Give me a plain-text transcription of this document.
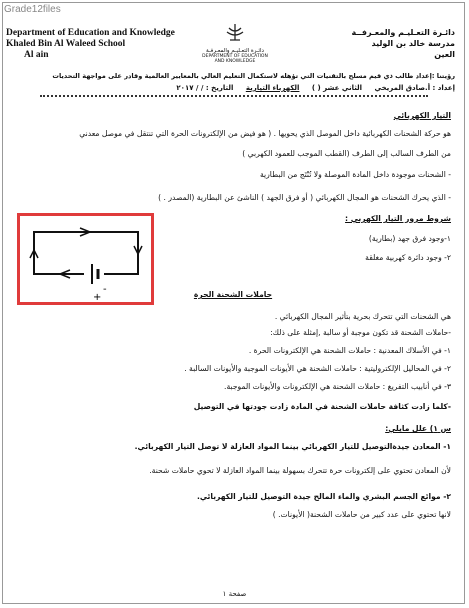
Grade12files
Department of Education and Knowledge
Khaled Bin Al Waleed School
Al ain	دائـرة التعـليـم والمعـرفـة
DEPARTMENT OF EDUCATION
AND KNOWLEDGE
دائـرة التعـليـم والمعـرفــة
مدرسة خالد بن الوليد
العين
رؤيتنا :إعداد طالب ذي قيم مسلح بالتقنيات التي تؤهله لاستكمال التعليم العالي بالمعايير العالمية وقادر على مواجهة التحديات
إعداد : أ.صادق المريخي الثاني عشر ( ) الكهرباء التيارية التاريخ : / / ٢٠١٧
التيار الكهربائي
هو حركة الشحنات الكهربائية داخل الموصل الذي يحويها . ( هو فيض من الإلكترونات الحرة التي تنتقل في موصل معدني
من الطرف السالب إلى الطرف (القطب الموجب للعمود الكهربي )
- الشحنات موجودة داخل المادة الموصلة ولا تُنْتَج من البطارية
- الذي يحرك الشحنات هو المجال الكهربائي ( أو فرق الجهد ) الناشئ عن البطارية (المصدر . )
شروط مرور التيار الكهربي :
١-وجود فرق جهد (بطارية)
٢- وجود دائرة كهربية مغلقة
-
+	حاملات الشحنة الحرة
هي الشحنات التي تتحرك بحرية بتأثير المجال الكهربائي .
-حاملات الشحنة قد تكون موجبة أو سالبة ,إمثلة على ذلك:
١- في الأسلاك المعدنية : حاملات الشحنة هي الإلكترونات الحرة .
٢- في المحاليل الإلكتروليتية : حاملات الشحنة هي الأيونات الموجبة والأيونات السالبة .
٣- في أنابيب التفريغ : حاملات الشحنة هي الإلكترونات والأيونات الموجبة.
-كلما زادت كثافة حاملات الشحنة في المادة زادت جودتها في التوصيل
س ١) علل مايلي:
١- المعادن جيدةالتوصيل للتيار الكهربائي بينما المواد العازلة لا توصل التيار الكهربائي.
لأن المعادن تحتوي على إلكترونات حرة تتحرك بسهولة بينما المواد العازلة لا تحوي حاملات شحنة.
٢- موائع الجسم البشري والماء المالح جيدة التوصيل للتيار الكهربائي.
لانها تحتوي على عدد كبير من حاملات الشحنة( الأيونات. )
صفحة ١
